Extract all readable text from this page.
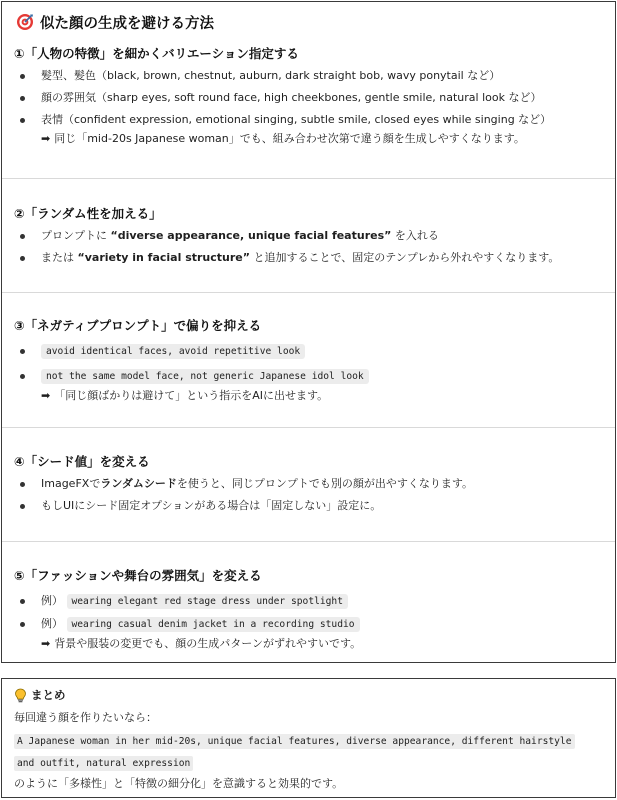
似た顔の生成を避ける方法
①「人物の特徴」を細かくバリエーション指定する
髪型、髪色（black, brown, chestnut, auburn, dark straight bob, wavy ponytail など）
顔の雰囲気（sharp eyes, soft round face, high cheekbones, gentle smile, natural look など）
表情（confident expression, emotional singing, subtle smile, closed eyes while singing など）
➡ 同じ「mid-20s Japanese woman」でも、組み合わせ次第で違う顔を生成しやすくなります。
②「ランダム性を加える」
プロンプトに “diverse appearance, unique facial features” を入れる
または “variety in facial structure” と追加することで、固定のテンプレから外れやすくなります。
③「ネガティブプロンプト」で偏りを抑える
avoid identical faces, avoid repetitive look
not the same model face, not generic Japanese idol look
➡ 「同じ顔ばかりは避けて」という指示をAIに出せます。
④「シード値」を変える
ImageFXでランダムシードを使うと、同じプロンプトでも別の顔が出やすくなります。
もしUIにシード固定オプションがある場合は「固定しない」設定に。
⑤「ファッションや舞台の雰囲気」を変える
例） wearing elegant red stage dress under spotlight
例） wearing casual denim jacket in a recording studio
➡ 背景や服装の変更でも、顔の生成パターンがずれやすいです。
まとめ
毎回違う顔を作りたいなら：
A Japanese woman in her mid-20s, unique facial features, diverse appearance, different hairstyle
and outfit, natural expression
のように「多様性」と「特徴の細分化」を意識すると効果的です。
